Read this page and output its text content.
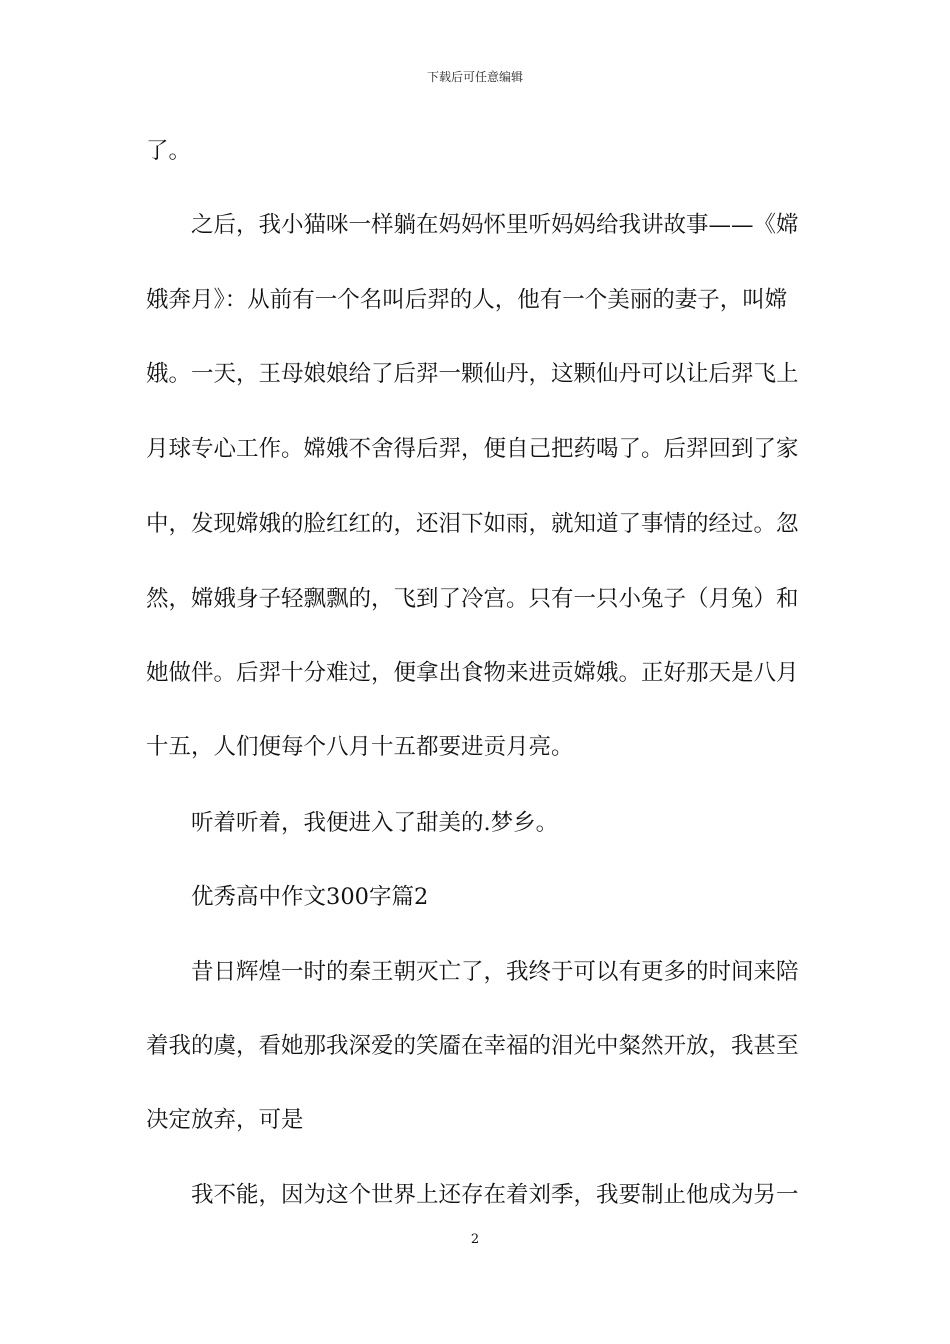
下载后可任意编辑
了。
之后，我小猫咪一样躺在妈妈怀里听妈妈给我讲故事——《嫦
娥奔月》：从前有一个名叫后羿的人，他有一个美丽的妻子，叫嫦
娥。一天，王母娘娘给了后羿一颗仙丹，这颗仙丹可以让后羿飞上
月球专心工作。嫦娥不舍得后羿，便自己把药喝了。后羿回到了家
中，发现嫦娥的脸红红的，还泪下如雨，就知道了事情的经过。忽
然，嫦娥身子轻飘飘的，飞到了冷宫。只有一只小兔子（月兔）和
她做伴。后羿十分难过，便拿出食物来进贡嫦娥。正好那天是八月
十五，人们便每个八月十五都要进贡月亮。
听着听着，我便进入了甜美的.梦乡。
优秀高中作文300字篇2
昔日辉煌一时的秦王朝灭亡了，我终于可以有更多的时间来陪
着我的虞，看她那我深爱的笑靥在幸福的泪光中粲然开放，我甚至
决定放弃，可是
我不能，因为这个世界上还存在着刘季，我要制止他成为另一
2
